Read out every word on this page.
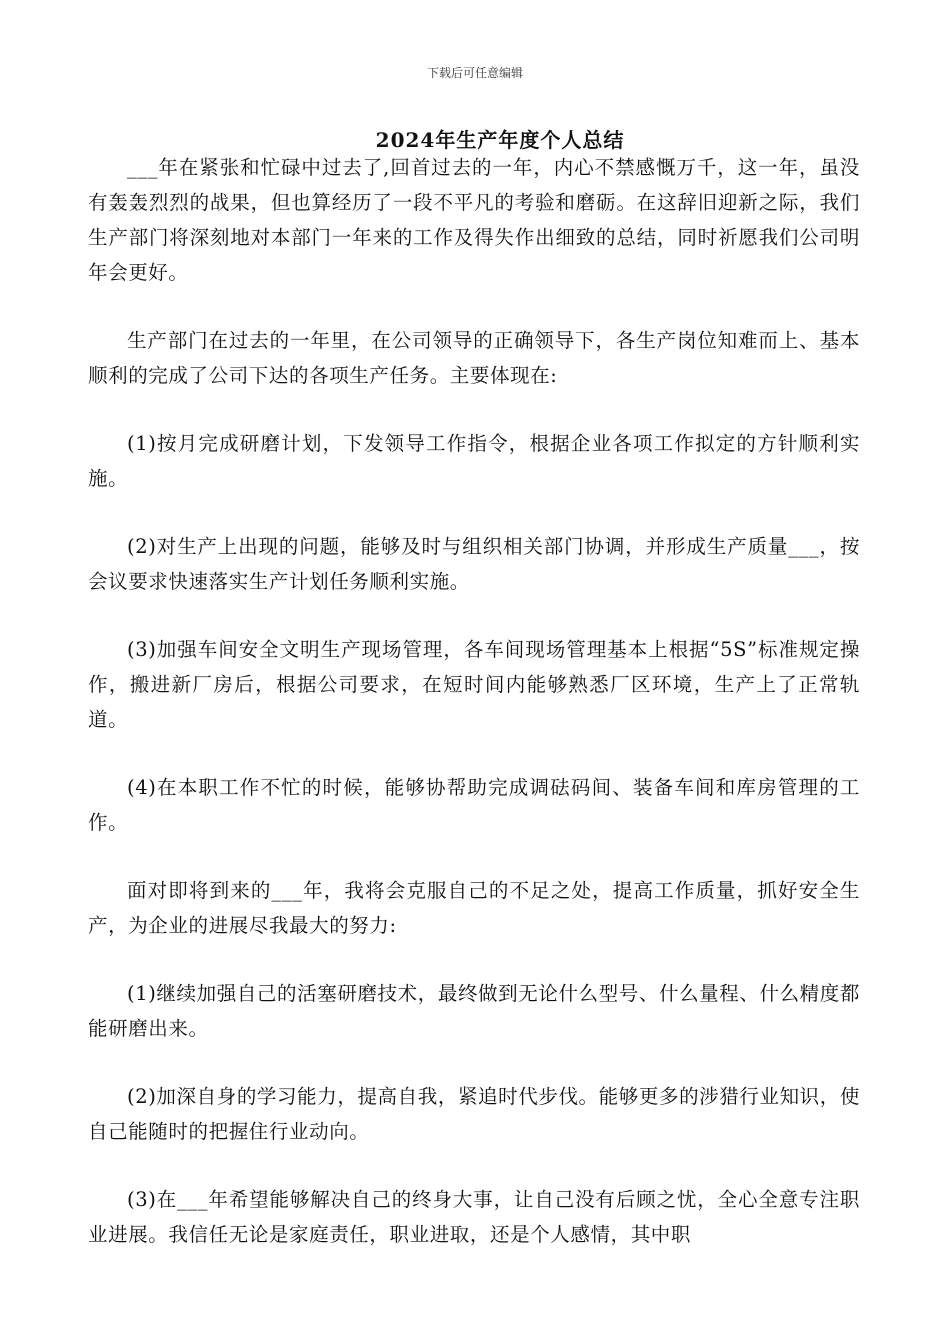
下载后可任意编辑
2024年生产年度个人总结

___年在紧张和忙碌中过去了,回首过去的一年，内心不禁感慨万千，这一年，虽没有轰轰烈烈的战果，但也算经历了一段不平凡的考验和磨砺。在这辞旧迎新之际，我们生产部门将深刻地对本部门一年来的工作及得失作出细致的总结，同时祈愿我们公司明年会更好。

生产部门在过去的一年里，在公司领导的正确领导下，各生产岗位知难而上、基本顺利的完成了公司下达的各项生产任务。主要体现在:

(1)按月完成研磨计划，下发领导工作指令，根据企业各项工作拟定的方针顺利实施。

(2)对生产上出现的问题，能够及时与组织相关部门协调，并形成生产质量___，按会议要求快速落实生产计划任务顺利实施。

(3)加强车间安全文明生产现场管理，各车间现场管理基本上根据“5S”标准规定操作，搬进新厂房后，根据公司要求，在短时间内能够熟悉厂区环境，生产上了正常轨道。

(4)在本职工作不忙的时候，能够协帮助完成调砝码间、装备车间和库房管理的工作。

面对即将到来的___年，我将会克服自己的不足之处，提高工作质量，抓好安全生产，为企业的进展尽我最大的努力:

(1)继续加强自己的活塞研磨技术，最终做到无论什么型号、什么量程、什么精度都能研磨出来。

(2)加深自身的学习能力，提高自我，紧追时代步伐。能够更多的涉猎行业知识，使自己能随时的把握住行业动向。

(3)在___年希望能够解决自己的终身大事，让自己没有后顾之忧，全心全意专注职业进展。我信任无论是家庭责任，职业进取，还是个人感情，其中职
